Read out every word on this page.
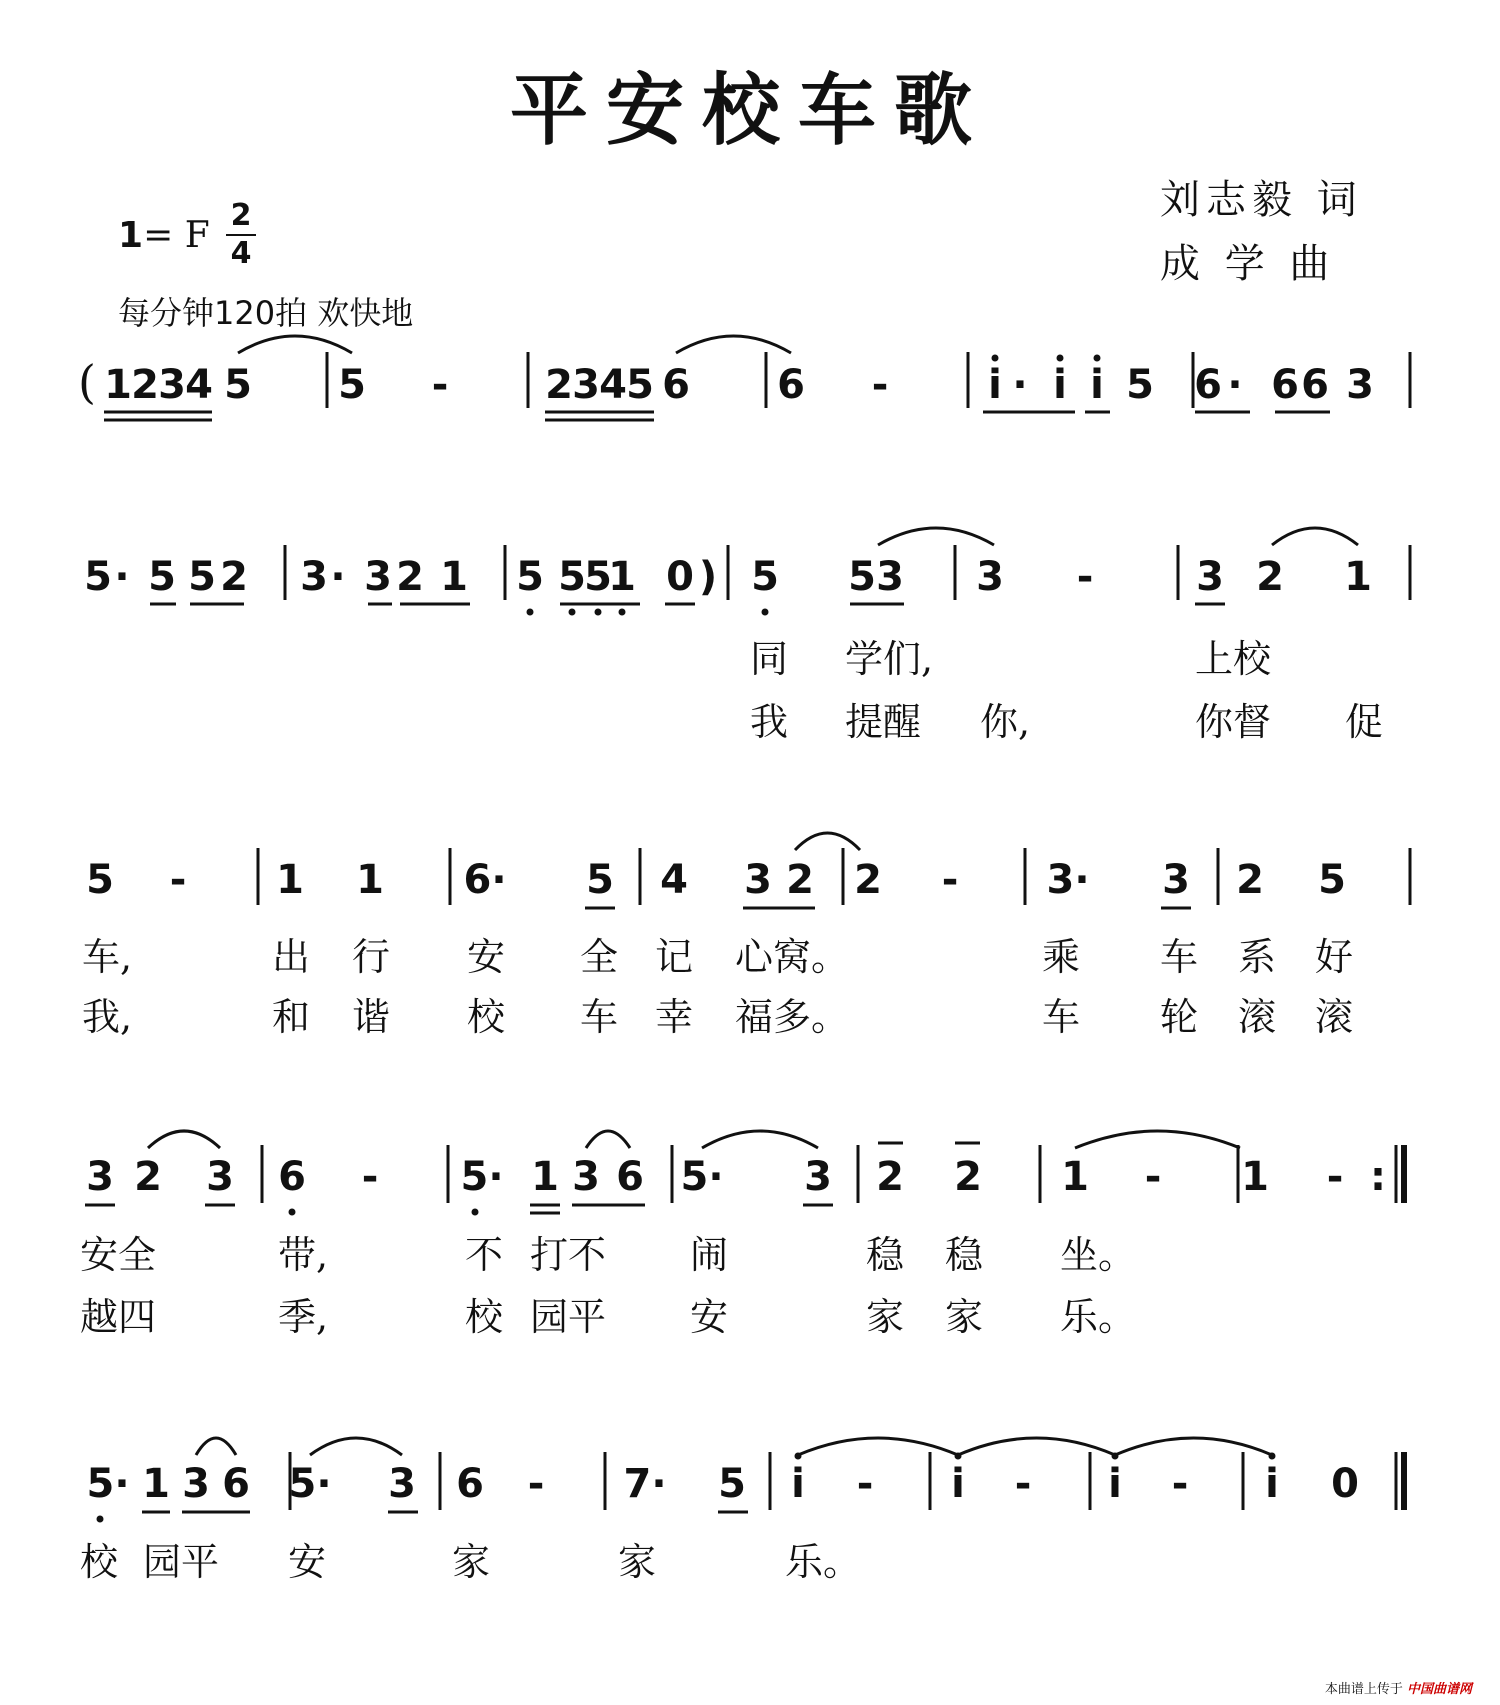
平安校车歌
刘志毅 词
成 学 曲
1= F 2
4
每分钟120拍 欢快地
( 1 2 3 4 5 5 - 2 3 4 5 6 6 - i · i i 5 6 · 6 6 3
5 · 5 5 2 3 · 3 2 1 5 5
5
1 0 ) 5 5 3 3 -	3 2 1
同 学们,	上校
我 提醒 你,	你督 促
5 - 1 1 6· 5 4 3 2 2 - 3· 3 2 5
车,	出 行 安 全 记 心窝。	乘 车 系 好
我,	和 谐 校 车 幸 福多。	车 轮 滚 滚
3 2 3 6 - 5· 1 3 6 5· 3 2 2 1 - 1 - :
安全	带,	不 打不 闹	稳 稳 坐。
越四	季,	校 园平 安	家 家 乐。
5· 1 3 6 5· 3 6 - 7· 5 i - i - i - i 0
校 园平 安	家	家	乐。
本曲谱上传于 中国曲谱网
